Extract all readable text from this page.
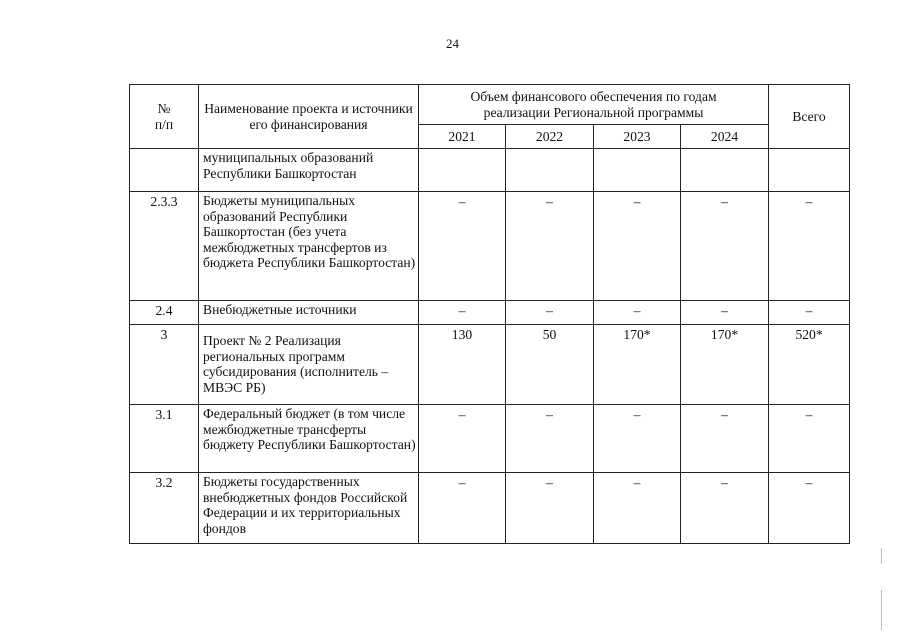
24
№
п/п	Наименование проекта и источники его финансирования	Объем финансового обеспечения по годам реализации Региональной программы				Всего
		2021	2022	2023	2024	
	муниципальных образований Республики Башкортостан					
2.3.3	Бюджеты муниципальных образований Республики Башкортостан (без учета межбюджетных трансфертов из бюджета Республики Башкортостан)	–	–	–	–	–
2.4	Внебюджетные источники	–	–	–	–	–
3	Проект № 2 Реализация региональных программ субсидирования (исполнитель – МВЭС РБ)	130	50	170*	170*	520*
3.1	Федеральный бюджет (в том числе межбюджетные трансферты бюджету Республики Башкортостан)	–	–	–	–	–
3.2	Бюджеты государственных внебюджетных фондов Российской Федерации и их территориальных фондов	–	–	–	–	–
